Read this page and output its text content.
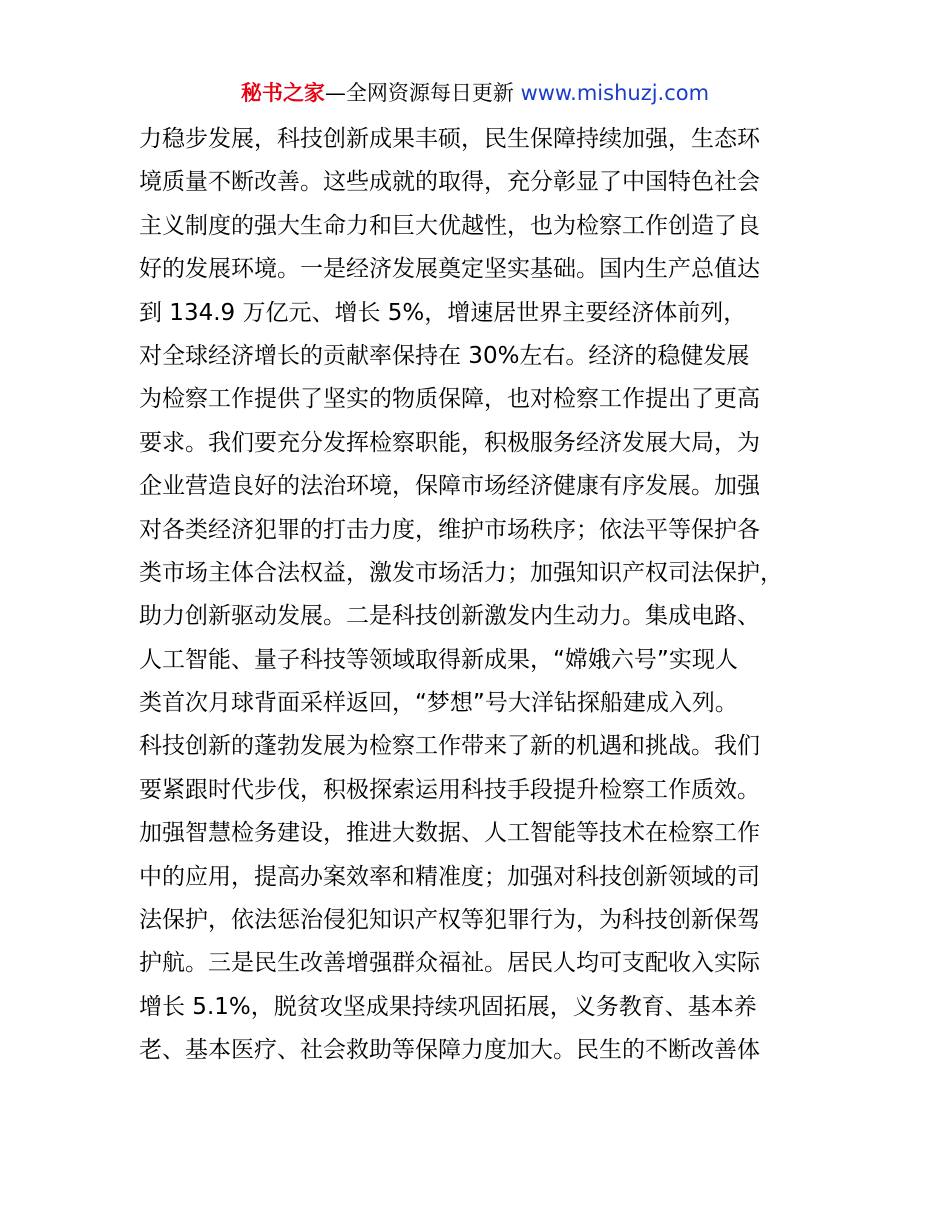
秘书之家—全网资源每日更新 www.mishuzj.com
力稳步发展，科技创新成果丰硕，民生保障持续加强，生态环
境质量不断改善。这些成就的取得，充分彰显了中国特色社会
主义制度的强大生命力和巨大优越性，也为检察工作创造了良
好的发展环境。一是经济发展奠定坚实基础。国内生产总值达
到 134.9 万亿元、增长 5%，增速居世界主要经济体前列，
对全球经济增长的贡献率保持在 30%左右。经济的稳健发展
为检察工作提供了坚实的物质保障，也对检察工作提出了更高
要求。我们要充分发挥检察职能，积极服务经济发展大局，为
企业营造良好的法治环境，保障市场经济健康有序发展。加强
对各类经济犯罪的打击力度，维护市场秩序；依法平等保护各
类市场主体合法权益，激发市场活力；加强知识产权司法保护，
助力创新驱动发展。二是科技创新激发内生动力。集成电路、
人工智能、量子科技等领域取得新成果，“嫦娥六号”实现人
类首次月球背面采样返回，“梦想”号大洋钻探船建成入列。
科技创新的蓬勃发展为检察工作带来了新的机遇和挑战。我们
要紧跟时代步伐，积极探索运用科技手段提升检察工作质效。
加强智慧检务建设，推进大数据、人工智能等技术在检察工作
中的应用，提高办案效率和精准度；加强对科技创新领域的司
法保护，依法惩治侵犯知识产权等犯罪行为，为科技创新保驾
护航。三是民生改善增强群众福祉。居民人均可支配收入实际
增长 5.1%，脱贫攻坚成果持续巩固拓展，义务教育、基本养
老、基本医疗、社会救助等保障力度加大。民生的不断改善体
